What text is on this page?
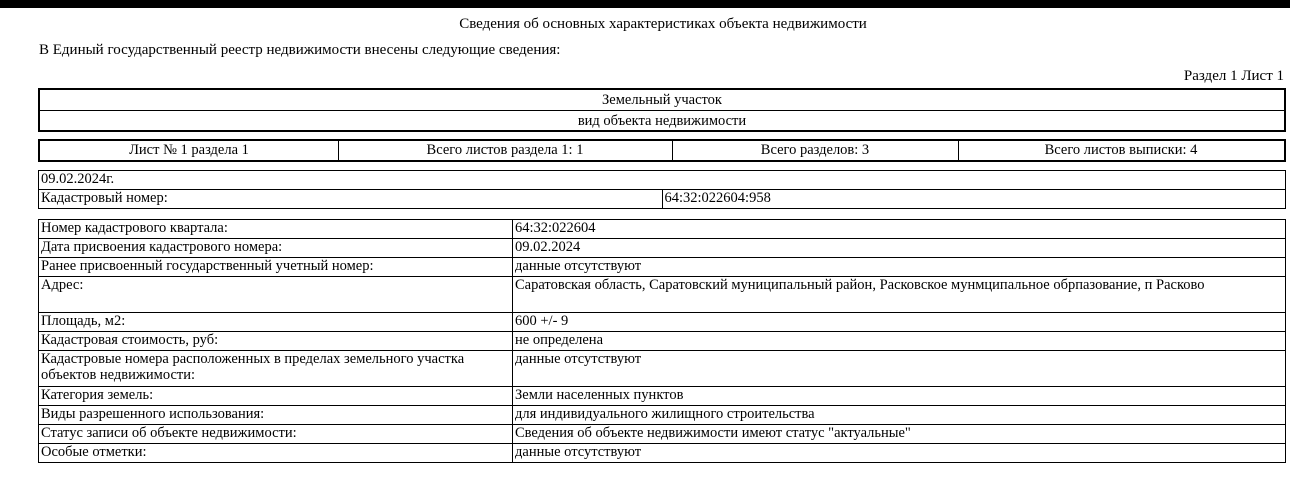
Сведения об основных характеристиках объекта недвижимости
В Единый государственный реестр недвижимости внесены следующие сведения:
Раздел 1 Лист 1
Земельный участок
вид объекта недвижимости
Лист № 1 раздела 1	Всего листов раздела 1: 1	Всего разделов: 3	Всего листов выписки: 4
09.02.2024г.
Кадастровый номер:	64:32:022604:958
Номер кадастрового квартала:	64:32:022604
Дата присвоения кадастрового номера:	09.02.2024
Ранее присвоенный государственный учетный номер:	данные отсутствуют
Адрес:	Саратовская область, Саратовский муниципальный район, Расковское мунмципальное обрпазование, п Расково
Площадь, м2:	600 +/- 9
Кадастровая стоимость, руб:	не определена
Кадастровые номера расположенных в пределах земельного участка объектов недвижимости:	данные отсутствуют
Категория земель:	Земли населенных пунктов
Виды разрешенного использования:	для индивидуального жилищного строительства
Статус записи об объекте недвижимости:	Сведения об объекте недвижимости имеют статус "актуальные"
Особые отметки:	данные отсутствуют
